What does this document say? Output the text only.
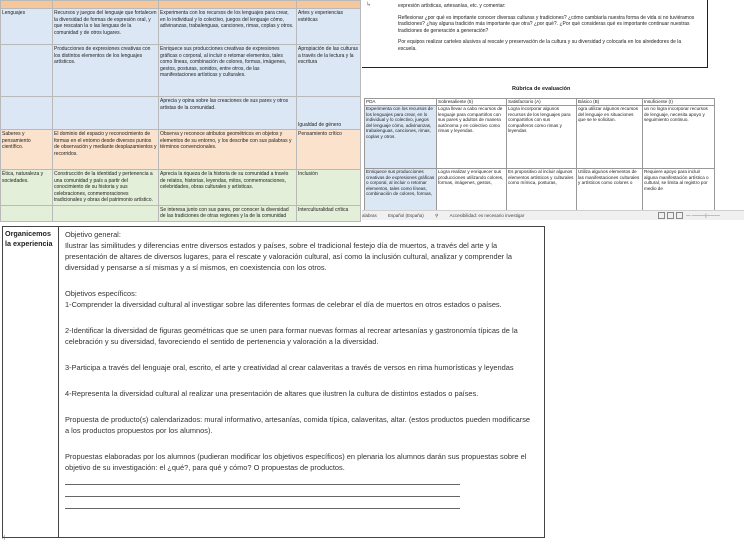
Lenguajes	Recursos y juegos del lenguaje que fortalecen la diversidad de formas de expresión oral, y que rescatan la o las lenguas de la comunidad y de otros lugares.	Experimenta con los recursos de los lenguajes para crear, en lo individual y lo colectivo, juegos del lenguaje cómo, adivinanzas, trabalenguas, canciones, rimas, coplas y otros.	Artes y experiencias estéticas
	Producciones de expresiones creativas con los distintos elementos de los lenguajes artísticos.	Enriquece sus producciones creativas de expresiones gráficas o corporal, al incluir o retomar elementos, tales como líneas, combinación de colores, formas, imágenes, gestos, posturas, sonidos, entre otros, de las manifestaciones artísticas y culturales.	Apropiación de las culturas a través de la lectura y la escritura
		Aprecia y opina sobre las creaciones de sus pares y otros artistas de la comunidad.	Igualdad de género
Saberes y pensamiento científico.	El dominio del espacio y reconocimiento de formas en el entorno desde diversos puntos de observación y mediante desplazamientos y recorridos.	Observa y reconoce atributos geométricos en objetos y elementos de su entorno, y los describe con sus palabras y términos convencionales.	Pensamiento crítico
Ética, naturaleza y sociedades.	Construcción de la identidad y pertenencia a una comunidad y país a partir del conocimiento de su historia y sus celebraciones, conmemoraciones tradicionales y obras del patrimonio artístico.	Aprecia la riqueza de la historia de su comunidad a través de relatos, historias, leyendas, mitos, conmemoraciones, celebridades, obras culturales y artísticas.	Inclusión
		Se interesa junto con sus pares, por conocer la diversidad de las tradiciones de otras regiones y la de la comunidad	Interculturalidad crítica
↳	expresión artísticas, artesanías, etc. y comentar:

Reflexionar ¿por qué es importante conocer diversas culturas y tradiciones? ¿cómo cambiaría nuestra forma de vida si no tuviéramos tradiciones? ¿hay alguna tradición más importante que otra? ¿por qué?. ¿Por qué consideras qué es importante continuar nuestras tradiciones de generación a generación?

Por equipos realizar carteles alusivos al rescate y preservación de la cultura y su diversidad y colocarla en los alrededores de la escuela.

Rúbrica de evaluación
PDA	Sobresaliente (5)	Satisfactorio (A)	Básico (B)	Insuficiente (I)
Experimenta con los recursos de los lenguajes para crear, en lo individual y lo colectivo, juegos del lenguaje cómo, adivinanzas, trabalenguas, canciones, rimas, coplas y otros.	Logra llevar a cabo recursos de lenguaje para compartirlos con sus pares y adultos de manera autónoma y en colectivo como rimas y leyendas.	Logra incorporar algunos recursos de los lenguajes para compartirlos con sus compañeros como rimas y leyendas	ogra utilizar algunos recursos del lenguaje en situaciones que se le solicitan.	un no logra incorporar recursos de lenguaje, necesita apoyo y seguimiento continuo.
Enriquece sus producciones creativas de expresiones gráficas o corporal, al incluir o retomar elementos, tales como líneas, combinación de colores, formas,	Logra realizar y enriquecer sus producciones utilizando colores, formas, imágenes, gestos,	Es propositivo al incluir algunos elementos artísticos y culturales como mímica, posturas,	Utiliza algunos elementos de las manifestaciones culturales y artísticos como colores o	Requiere apoyo para incluir alguna manifestación artística o cultural, se limita al registro por medio de
alabras	Español (España)	⚲ Accesibilidad: es necesario investigar	— ———|———
Organicemos la experiencia

Objetivo general:

Ilustrar las similitudes y diferencias entre diversos estados y países, sobre el tradicional festejo día de muertos, a través del arte y la presentación de altares de diversos lugares, para el rescate y valoración cultural, así como la inclusión cultural, analizar y comprender la diversidad y pensarse a sí mismas y a sí mismos, en coexistencia con los otros.

Objetivos específicos:

1-Comprender la diversidad cultural al investigar sobre las diferentes formas de celebrar el día de muertos en otros estados o países.

2-Identificar la diversidad de figuras geométricas que se unen para formar nuevas formas al recrear artesanías y gastronomía típicas de la celebración y su diversidad, favoreciendo el sentido de pertenencia y valoración a la diversidad.

3-Participa a través del lenguaje oral, escrito, el arte y creatividad al crear calaveritas a través de versos en rima humorísticas y leyendas

4-Representa la diversidad cultural al realizar una presentación de altares que ilustren la cultura de distintos estados o países.

Propuesta de producto(s) calendarizados: mural informativo, artesanías, comida típica, calaveritas, altar. (estos productos pueden modificarse a los productos propuestos por los alumnos).

Propuestas elaboradas por los alumnos (pudieran modificar los objetivos específicos) en plenaria los alumnos darán sus propuestas sobre el objetivo de su investigación: el ¿qué?, para qué y cómo? O propuestas de productos.

r|
